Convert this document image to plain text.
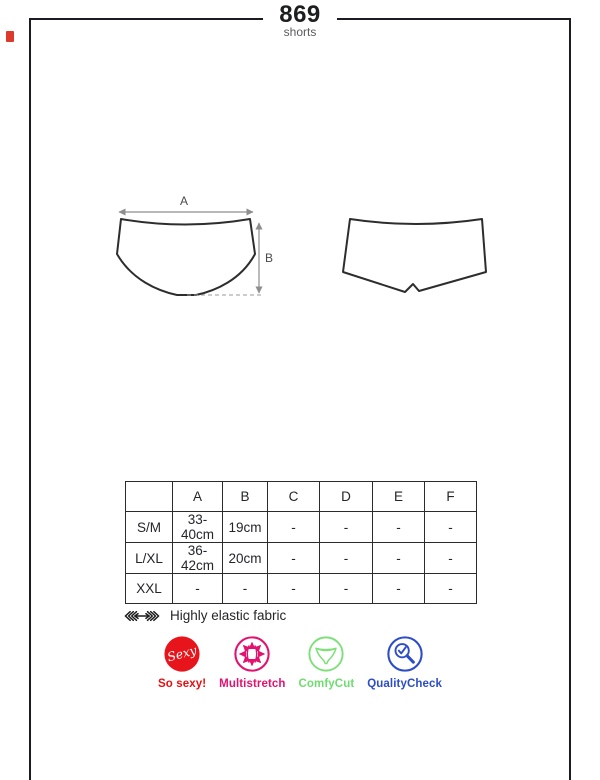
869
shorts
A
B
	A	B	C	D	E	F
S/M	33-40cm	19cm	-	-	-	-
L/XL	36-42cm	20cm	-	-	-	-
XXL	-	-	-	-	-	-
Highly elastic fabric
Sexy
So sexy! Multistretch ComfyCut QualityCheck
